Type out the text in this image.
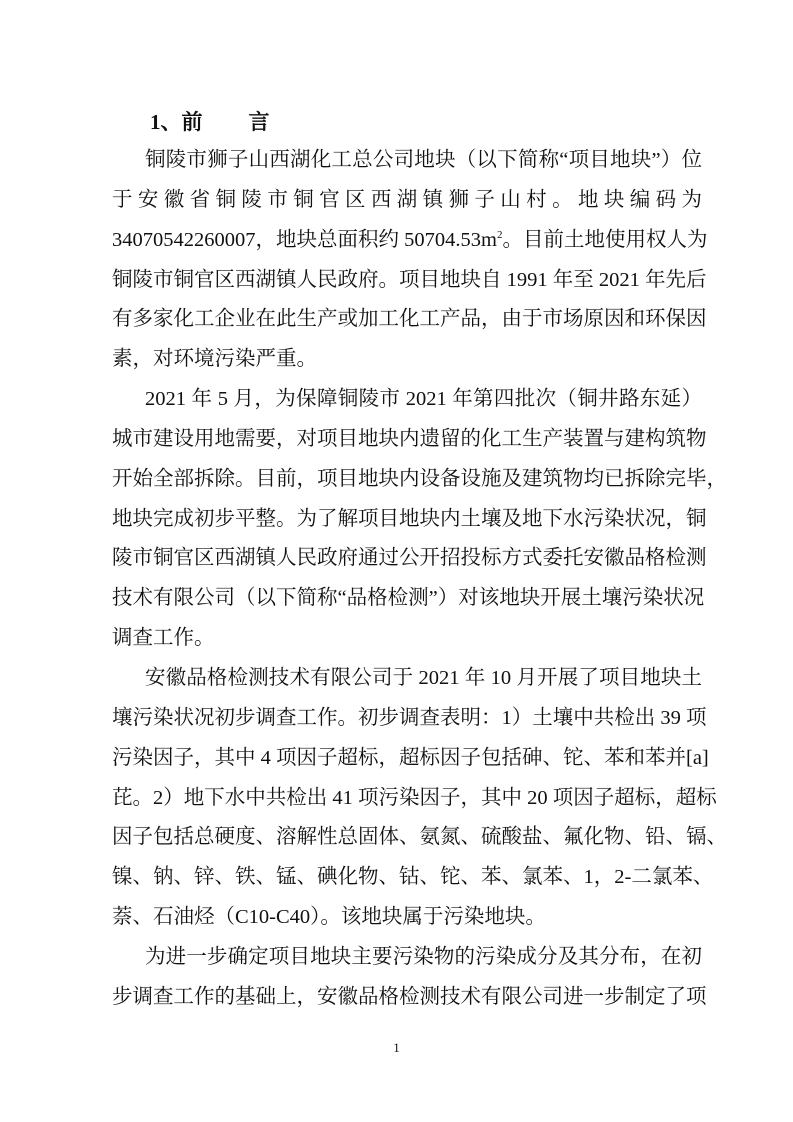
1、前 言
铜陵市狮子山西湖化工总公司地块（以下简称“项目地块”）位
于安徽省铜陵市铜官区西湖镇狮子山村。地块编码为
34070542260007，地块总面积约 $50704.53m^2$。目前土地使用权人为
铜陵市铜官区西湖镇人民政府。项目地块自 1991 年至 2021 年先后
有多家化工企业在此生产或加工化工产品，由于市场原因和环保因
素，对环境污染严重。
2021 年 5 月，为保障铜陵市 2021 年第四批次（铜井路东延）
城市建设用地需要，对项目地块内遗留的化工生产装置与建构筑物
开始全部拆除。目前，项目地块内设备设施及建筑物均已拆除完毕，
地块完成初步平整。为了解项目地块内土壤及地下水污染状况，铜
陵市铜官区西湖镇人民政府通过公开招投标方式委托安徽品格检测
技术有限公司（以下简称“品格检测”）对该地块开展土壤污染状况
调查工作。
安徽品格检测技术有限公司于 2021 年 10 月开展了项目地块土
壤污染状况初步调查工作。初步调查表明：1）土壤中共检出 39 项
污染因子，其中 4 项因子超标，超标因子包括砷、铊、苯和苯并[a]
芘。2）地下水中共检出 41 项污染因子，其中 20 项因子超标，超标
因子包括总硬度、溶解性总固体、氨氮、硫酸盐、氟化物、铅、镉、
镍、钠、锌、铁、锰、碘化物、钴、铊、苯、氯苯、1，2-二氯苯、
萘、石油烃（C10-C40）。该地块属于污染地块。
为进一步确定项目地块主要污染物的污染成分及其分布，在初
步调查工作的基础上，安徽品格检测技术有限公司进一步制定了项
1
